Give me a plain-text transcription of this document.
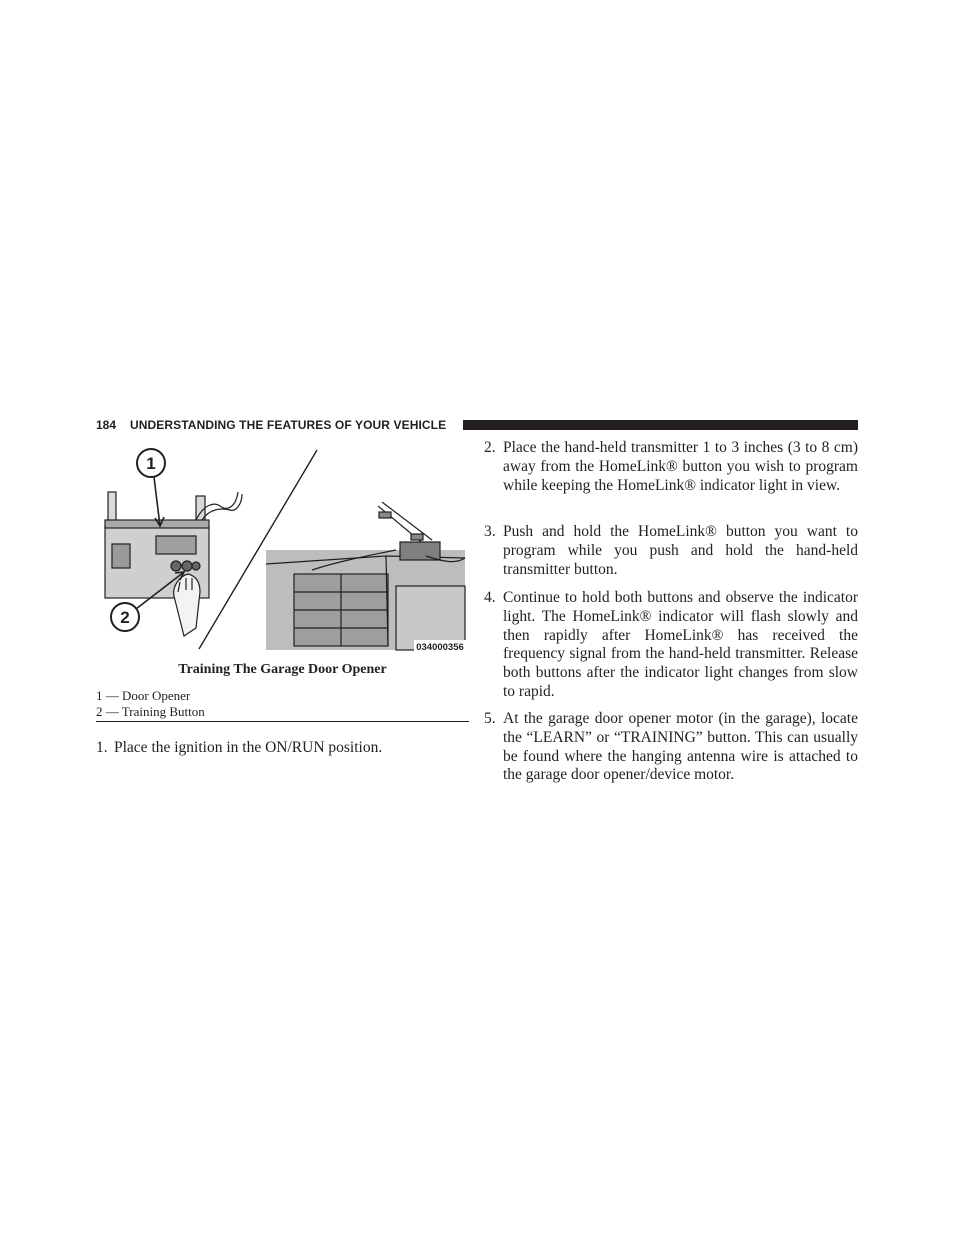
184 UNDERSTANDING THE FEATURES OF YOUR VEHICLE
1
2
034000356
Training The Garage Door Opener
1 — Door Opener
2 — Training Button
1. Place the ignition in the ON/RUN position.
2. Place the hand-held transmitter 1 to 3 inches (3 to 8 cm) away from the HomeLink® button you wish to program while keeping the HomeLink® indicator light in view.
3. Push and hold the HomeLink® button you want to program while you push and hold the hand-held transmitter button.
4. Continue to hold both buttons and observe the indicator light. The HomeLink® indicator will flash slowly and then rapidly after HomeLink® has received the frequency signal from the hand-held transmitter. Release both buttons after the indicator light changes from slow to rapid.
5. At the garage door opener motor (in the garage), locate the “LEARN” or “TRAINING” button. This can usually be found where the hanging antenna wire is attached to the garage door opener/device motor.
